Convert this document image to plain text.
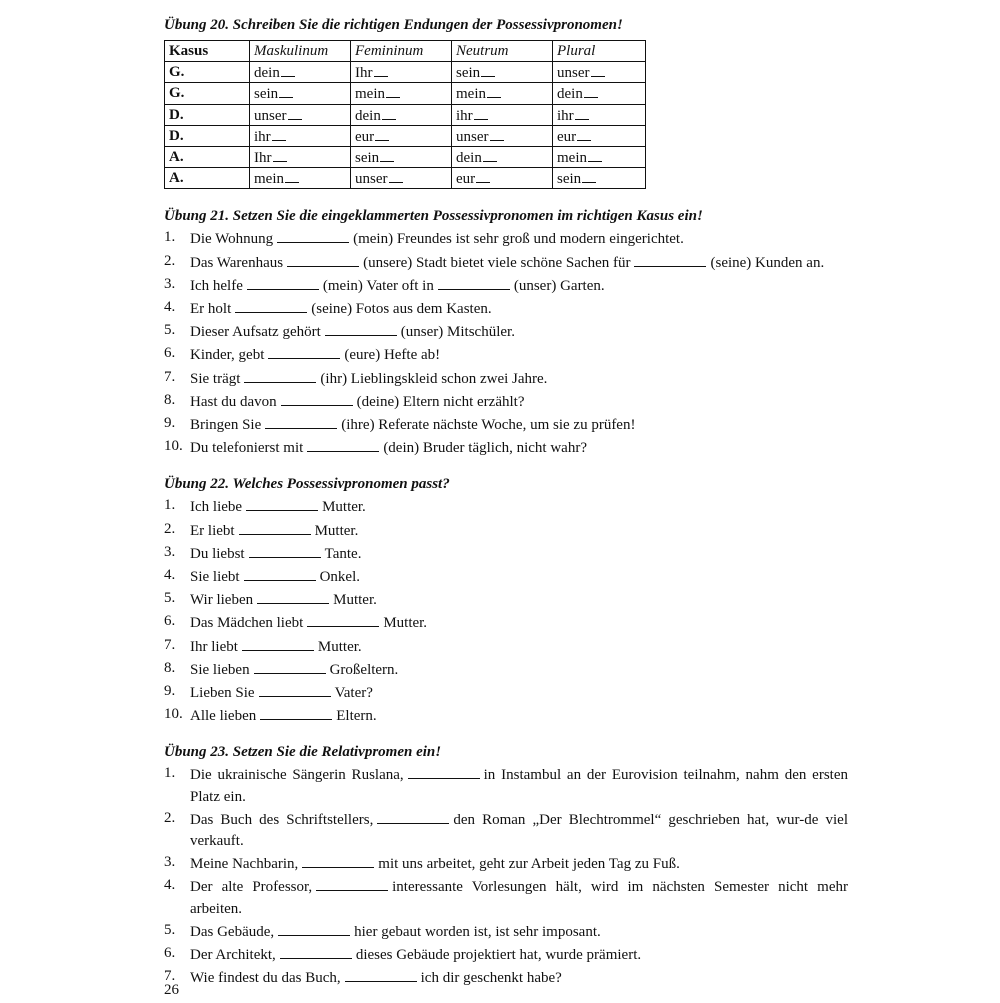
Übung 20. Schreiben Sie die richtigen Endungen der Possessivpronomen!
Kasus	Maskulinum	Femininum	Neutrum	Plural
G.	dein	Ihr	sein	unser
G.	sein	mein	mein	dein
D.	unser	dein	ihr	ihr
D.	ihr	eur	unser	eur
A.	Ihr	sein	dein	mein
A.	mein	unser	eur	sein
Übung 21. Setzen Sie die eingeklammerten Possessivpronomen im richtigen Kasus ein!
1. Die Wohnung	(mein) Freundes ist sehr groß und modern eingerichtet.
2. Das Warenhaus	(unsere) Stadt bietet viele schöne Sachen für	(seine) Kunden an.
3. Ich helfe	(mein) Vater oft in	(unser) Garten.
4. Er holt	(seine) Fotos aus dem Kasten.
5. Dieser Aufsatz gehört	(unser) Mitschüler.
6. Kinder, gebt	(eure) Hefte ab!
7. Sie trägt	(ihr) Lieblingskleid schon zwei Jahre.
8. Hast du davon	(deine) Eltern nicht erzählt?
9. Bringen Sie	(ihre) Referate nächste Woche, um sie zu prüfen!
10. Du telefonierst mit	(dein) Bruder täglich, nicht wahr?
Übung 22. Welches Possessivpronomen passt?
1. Ich liebe	Mutter.
2. Er liebt	Mutter.
3. Du liebst	Tante.
4. Sie liebt	Onkel.
5. Wir lieben	Mutter.
6. Das Mädchen liebt	Mutter.
7. Ihr liebt	Mutter.
8. Sie lieben	Großeltern.
9. Lieben Sie	Vater?
10. Alle lieben	Eltern.
Übung 23. Setzen Sie die Relativpromen ein!
1. Die ukrainische Sängerin Ruslana,	in Instambul an der Eurovision teilnahm, nahm den ersten Platz ein.
2. Das Buch des Schriftstellers,	den Roman „Der Blechtrommel“ geschrieben hat, wur-de viel verkauft.
3. Meine Nachbarin,	mit uns arbeitet, geht zur Arbeit jeden Tag zu Fuß.
4. Der alte Professor,	interessante Vorlesungen hält, wird im nächsten Semester nicht mehr arbeiten.
5. Das Gebäude,	hier gebaut worden ist, ist sehr imposant.
6. Der Architekt,	dieses Gebäude projektiert hat, wurde prämiert.
7. Wie findest du das Buch,	ich dir geschenkt habe?
26
